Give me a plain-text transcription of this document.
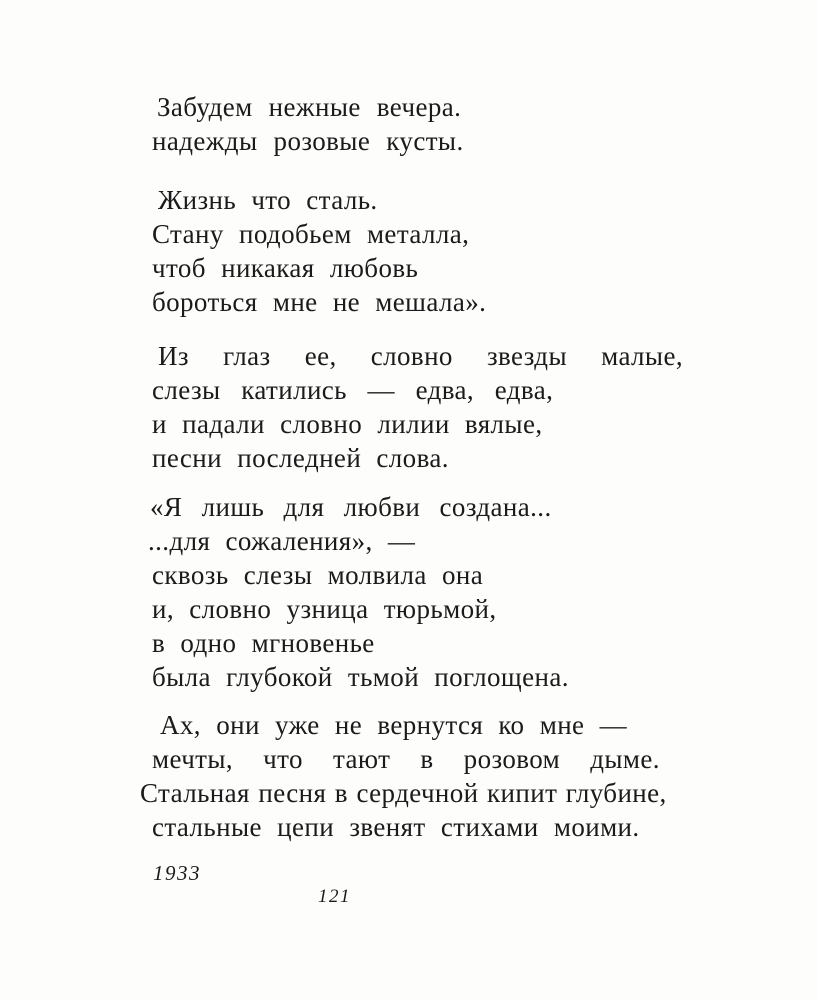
Забудем нежные вечера.
надежды розовые кусты.
Жизнь что сталь.
Стану подобьем металла,
чтоб никакая любовь
бороться мне не мешала».
Из глаз ее, словно звезды малые,
слезы катились — едва, едва,
и падали словно лилии вялые,
песни последней слова.
«Я лишь для любви создана...
...для сожаления», —
сквозь слезы молвила она
и, словно узница тюрьмой,
в одно мгновенье
была глубокой тьмой поглощена.
Ах, они уже не вернутся ко мне —
мечты, что тают в розовом дыме.
Стальная песня в сердечной кипит глубине,
стальные цепи звенят стихами моими.
1933
121
